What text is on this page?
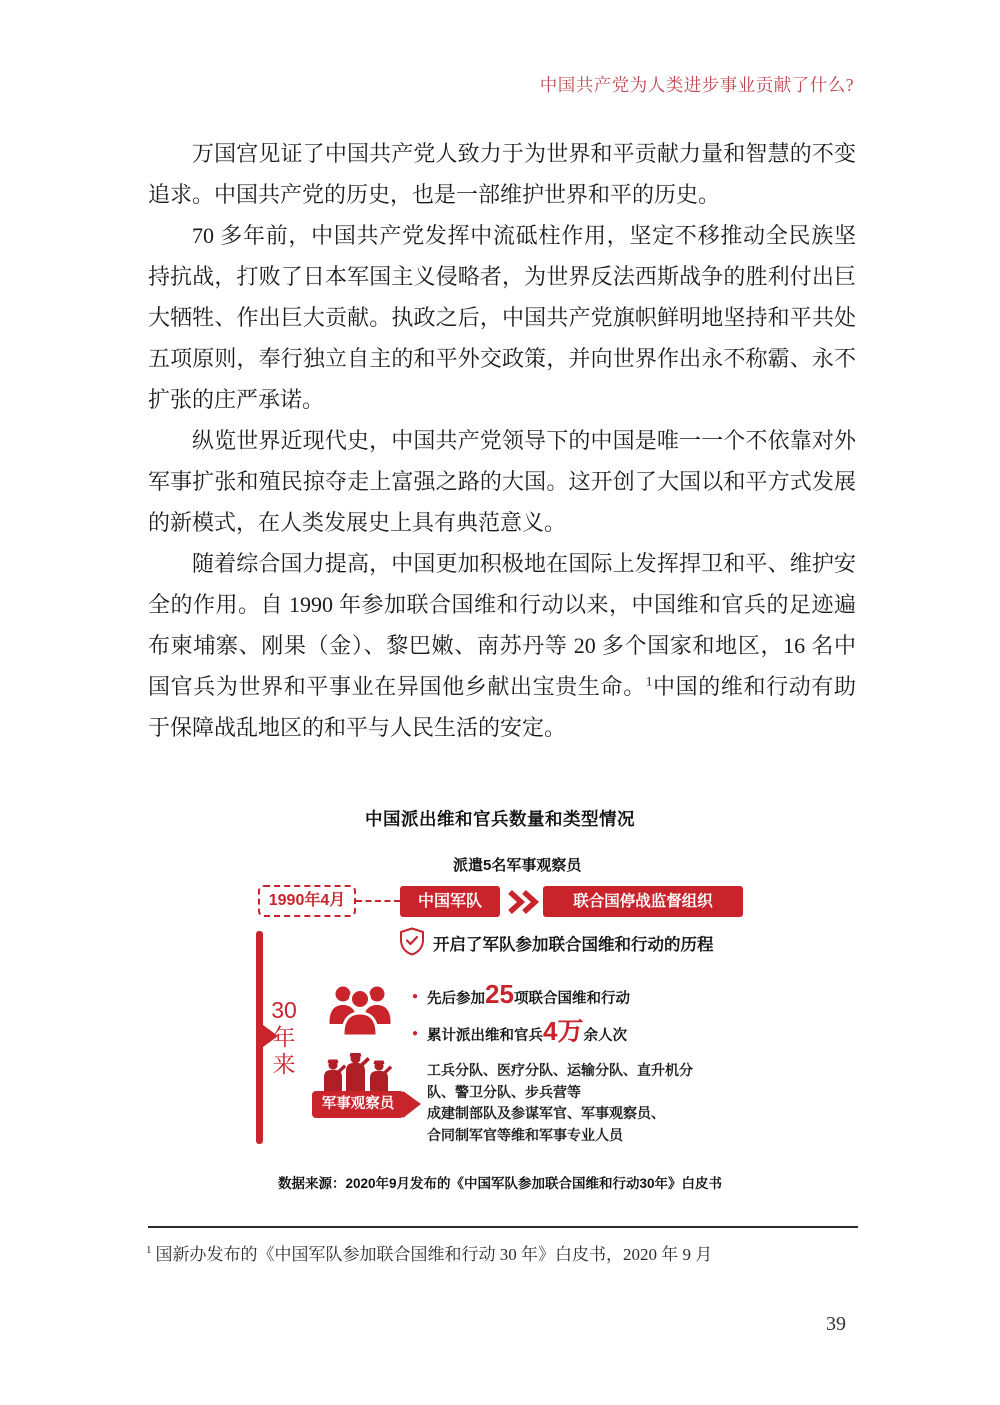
中国共产党为人类进步事业贡献了什么?

万国宫见证了中国共产党人致力于为世界和平贡献力量和智慧的不变追求。中国共产党的历史，也是一部维护世界和平的历史。

70 多年前，中国共产党发挥中流砥柱作用，坚定不移推动全民族坚持抗战，打败了日本军国主义侵略者，为世界反法西斯战争的胜利付出巨大牺牲、作出巨大贡献。执政之后，中国共产党旗帜鲜明地坚持和平共处五项原则，奉行独立自主的和平外交政策，并向世界作出永不称霸、永不扩张的庄严承诺。

纵览世界近现代史，中国共产党领导下的中国是唯一一个不依靠对外军事扩张和殖民掠夺走上富强之路的大国。这开创了大国以和平方式发展的新模式，在人类发展史上具有典范意义。

随着综合国力提高，中国更加积极地在国际上发挥捍卫和平、维护安全的作用。自 1990 年参加联合国维和行动以来，中国维和官兵的足迹遍布柬埔寨、刚果（金）、黎巴嫩、南苏丹等 20 多个国家和地区，16 名中国官兵为世界和平事业在异国他乡献出宝贵生命。$^1$中国的维和行动有助于保障战乱地区的和平与人民生活的安定。

中国派出维和官兵数量和类型情况
派遣5名军事观察员
1990年4月	中国军队	联合国停战监督组织
开启了军队参加联合国维和行动的历程
30
年
来
● 先后参加25项联合国维和行动
● 累计派出维和官兵4万余人次
军事观察员

工兵分队、医疗分队、运输分队、直升机分队、警卫分队、步兵营等

成建制部队及参谋军官、军事观察员、合同制军官等维和军事专业人员

数据来源：2020年9月发布的《中国军队参加联合国维和行动30年》白皮书
$^1$ 国新办发布的《中国军队参加联合国维和行动 30 年》白皮书，2020 年 9 月
39
